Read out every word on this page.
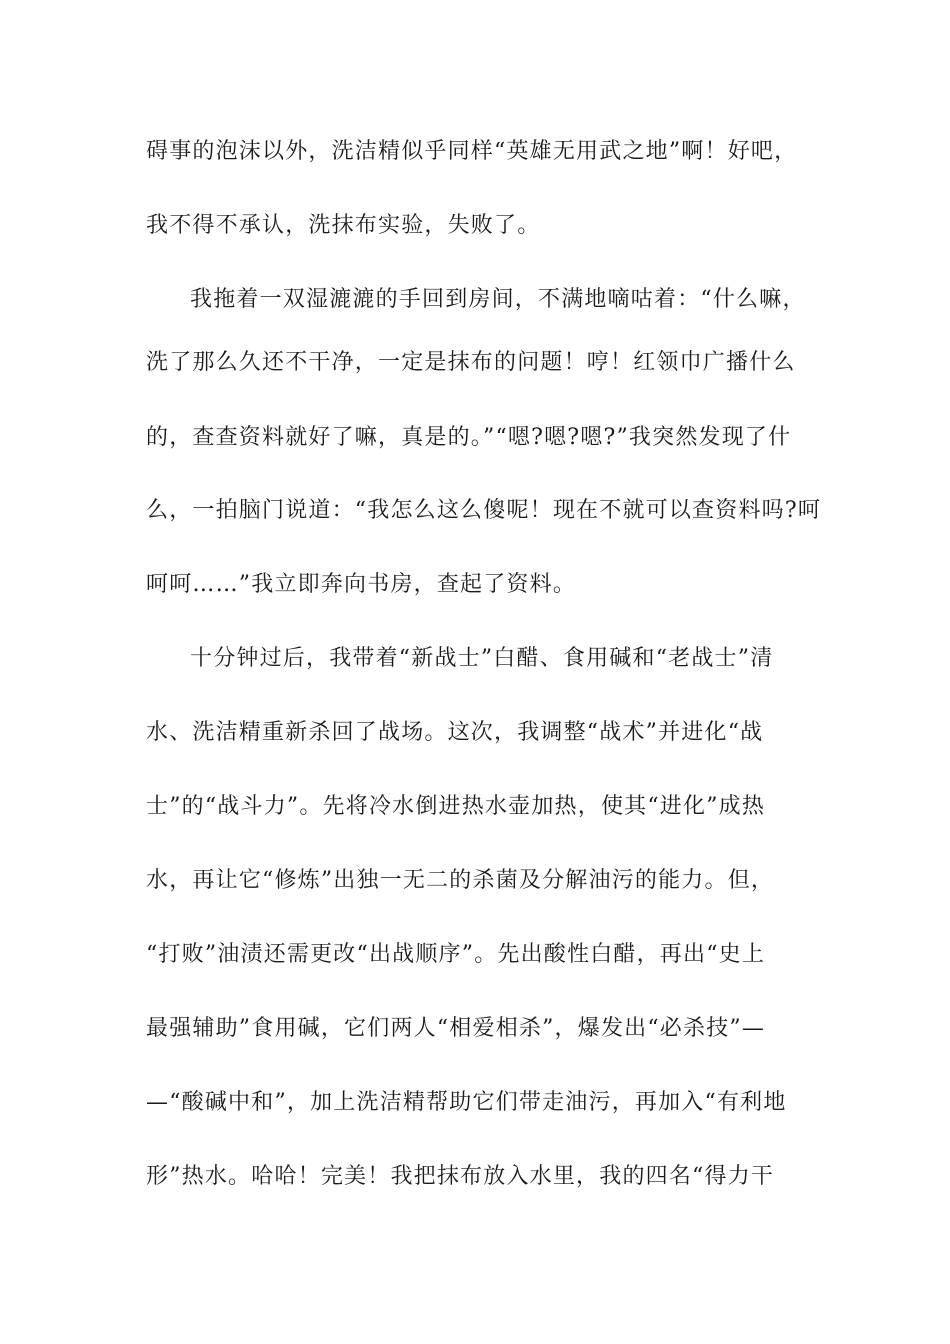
碍事的泡沫以外，洗洁精似乎同样“英雄无用武之地”啊！好吧，
我不得不承认，洗抹布实验，失败了。
我拖着一双湿漉漉的手回到房间，不满地嘀咕着：“什么嘛，
洗了那么久还不干净，一定是抹布的问题！哼！红领巾广播什么
的，查查资料就好了嘛，真是的。”“嗯?嗯?嗯?”我突然发现了什
么，一拍脑门说道：“我怎么这么傻呢！现在不就可以查资料吗?呵
呵呵……”我立即奔向书房，查起了资料。
十分钟过后，我带着“新战士”白醋、食用碱和“老战士”清
水、洗洁精重新杀回了战场。这次，我调整“战术”并进化“战
士”的“战斗力”。先将冷水倒进热水壶加热，使其“进化”成热
水，再让它“修炼”出独一无二的杀菌及分解油污的能力。但，
“打败”油渍还需更改“出战顺序”。先出酸性白醋，再出“史上
最强辅助”食用碱，它们两人“相爱相杀”，爆发出“必杀技”—
—“酸碱中和”，加上洗洁精帮助它们带走油污，再加入“有利地
形”热水。哈哈！完美！我把抹布放入水里，我的四名“得力干
